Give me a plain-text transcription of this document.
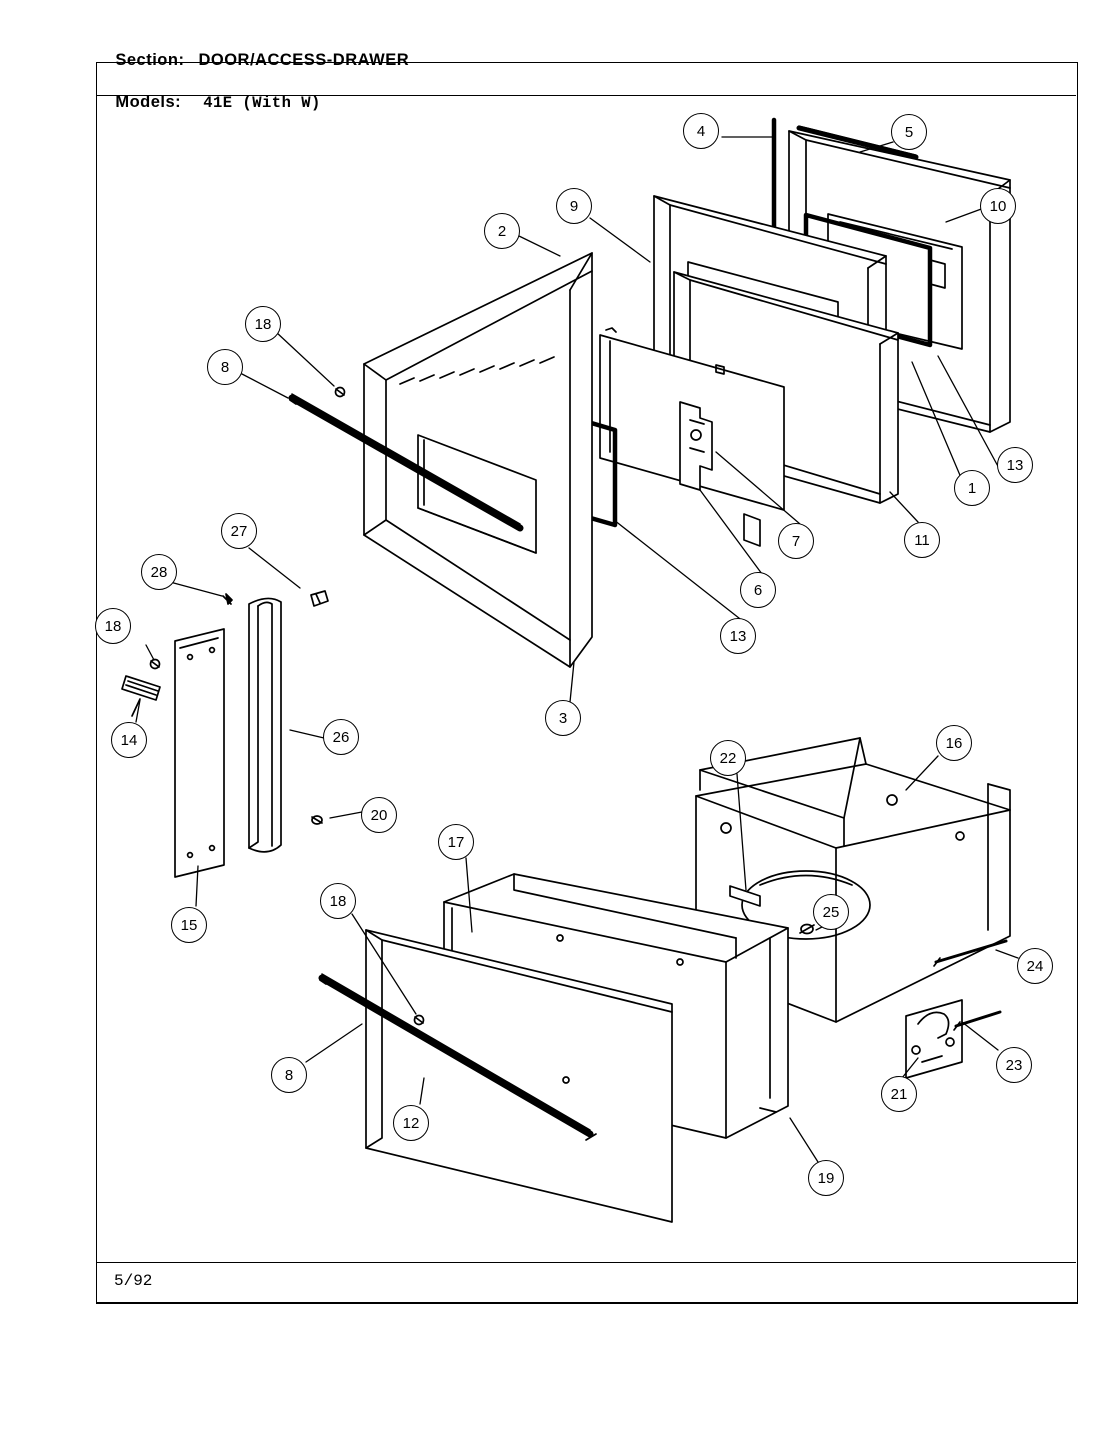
Section: DOOR/ACCESS-DRAWER

Models: 41E (With W)

5/92
1
2
3
4	5
6
7
8
9	10
11
12
13
13
14
15
16
17
18
18
18
19
20
21
22
23
24
25
26
27
28
8
